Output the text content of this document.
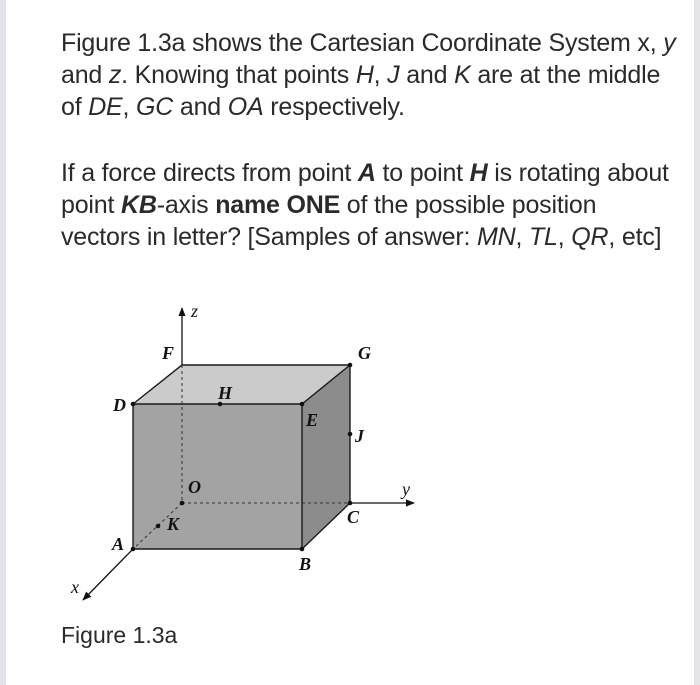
Figure 1.3a shows the Cartesian Coordinate System x, y and z. Knowing that points H, J and K are at the middle of DE, GC and OA respectively.

If a force directs from point A to point H is rotating about point KB-axis name ONE of the possible position vectors in letter? [Samples of answer: MN, TL, QR, etc]

z
F	G
D
H
E
J
O	y
C
K
A
B
x

Figure 1.3a
